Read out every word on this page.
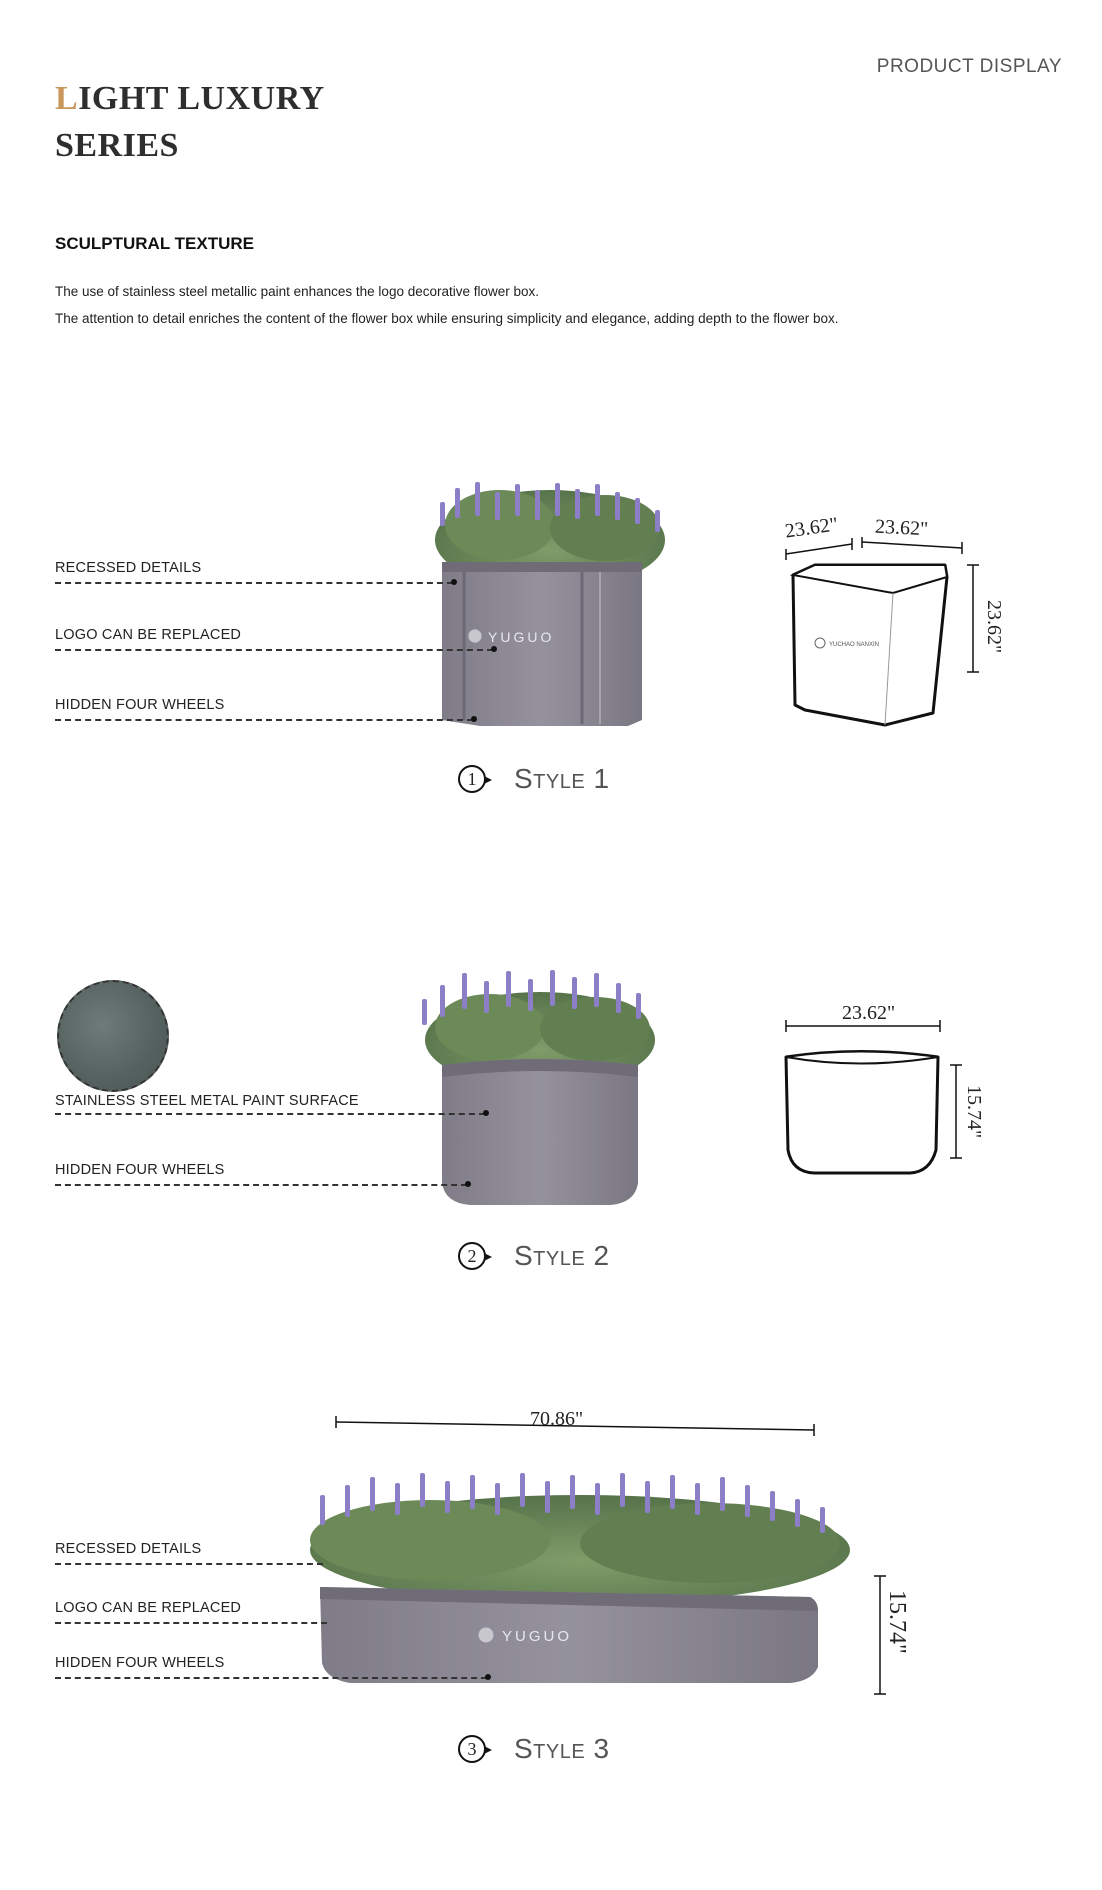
PRODUCT DISPLAY
LIGHT LUXURY
SERIES
SCULPTURAL TEXTURE
The use of stainless steel metallic paint enhances the logo decorative flower box.
The attention to detail enriches the content of the flower box while ensuring simplicity and elegance, adding depth to the flower box.
YUGUO
RECESSED DETAILS
LOGO CAN BE REPLACED
HIDDEN FOUR WHEELS
YUCHAO NANXIN
23.62" 23.62"
23.62"
1	Style 1
STAINLESS STEEL METAL PAINT SURFACE
HIDDEN FOUR WHEELS
23.62"
15.74"
2	Style 2
70.86"
YUGUO
RECESSED DETAILS
LOGO CAN BE REPLACED
HIDDEN FOUR WHEELS
15.74"
3	Style 3
